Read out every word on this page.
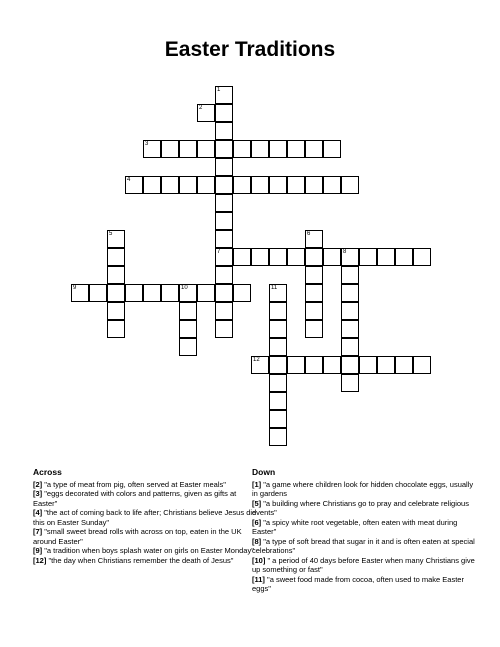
Easter Traditions
1
7
2
3
4
5	6
8
9	10	11
12
Across
[2] "a type of meat from pig, often served at Easter meals"
[3] "eggs decorated with colors and patterns, given as gifts at Easter"
[4] "the act of coming back to life after; Christians believe Jesus did this on Easter Sunday"
[7] "small sweet bread rolls with across on top, eaten in the UK around Easter"
[9] "a tradition when boys splash water on girls on Easter Monday"
[12] "the day when Christians remember the death of Jesus"
Down
[1] "a game where children look for hidden chocolate eggs, usually in gardens
[5] "a building where Christians go to pray and celebrate religious events"
[6] "a spicy white root vegetable, often eaten with meat during Easter"
[8] "a type of soft bread that sugar in it and is often eaten at special celebrations"
[10] " a period of 40 days before Easter when many Christians give up something or fast"
[11] "a sweet food made from cocoa, often used to make Easter eggs"
